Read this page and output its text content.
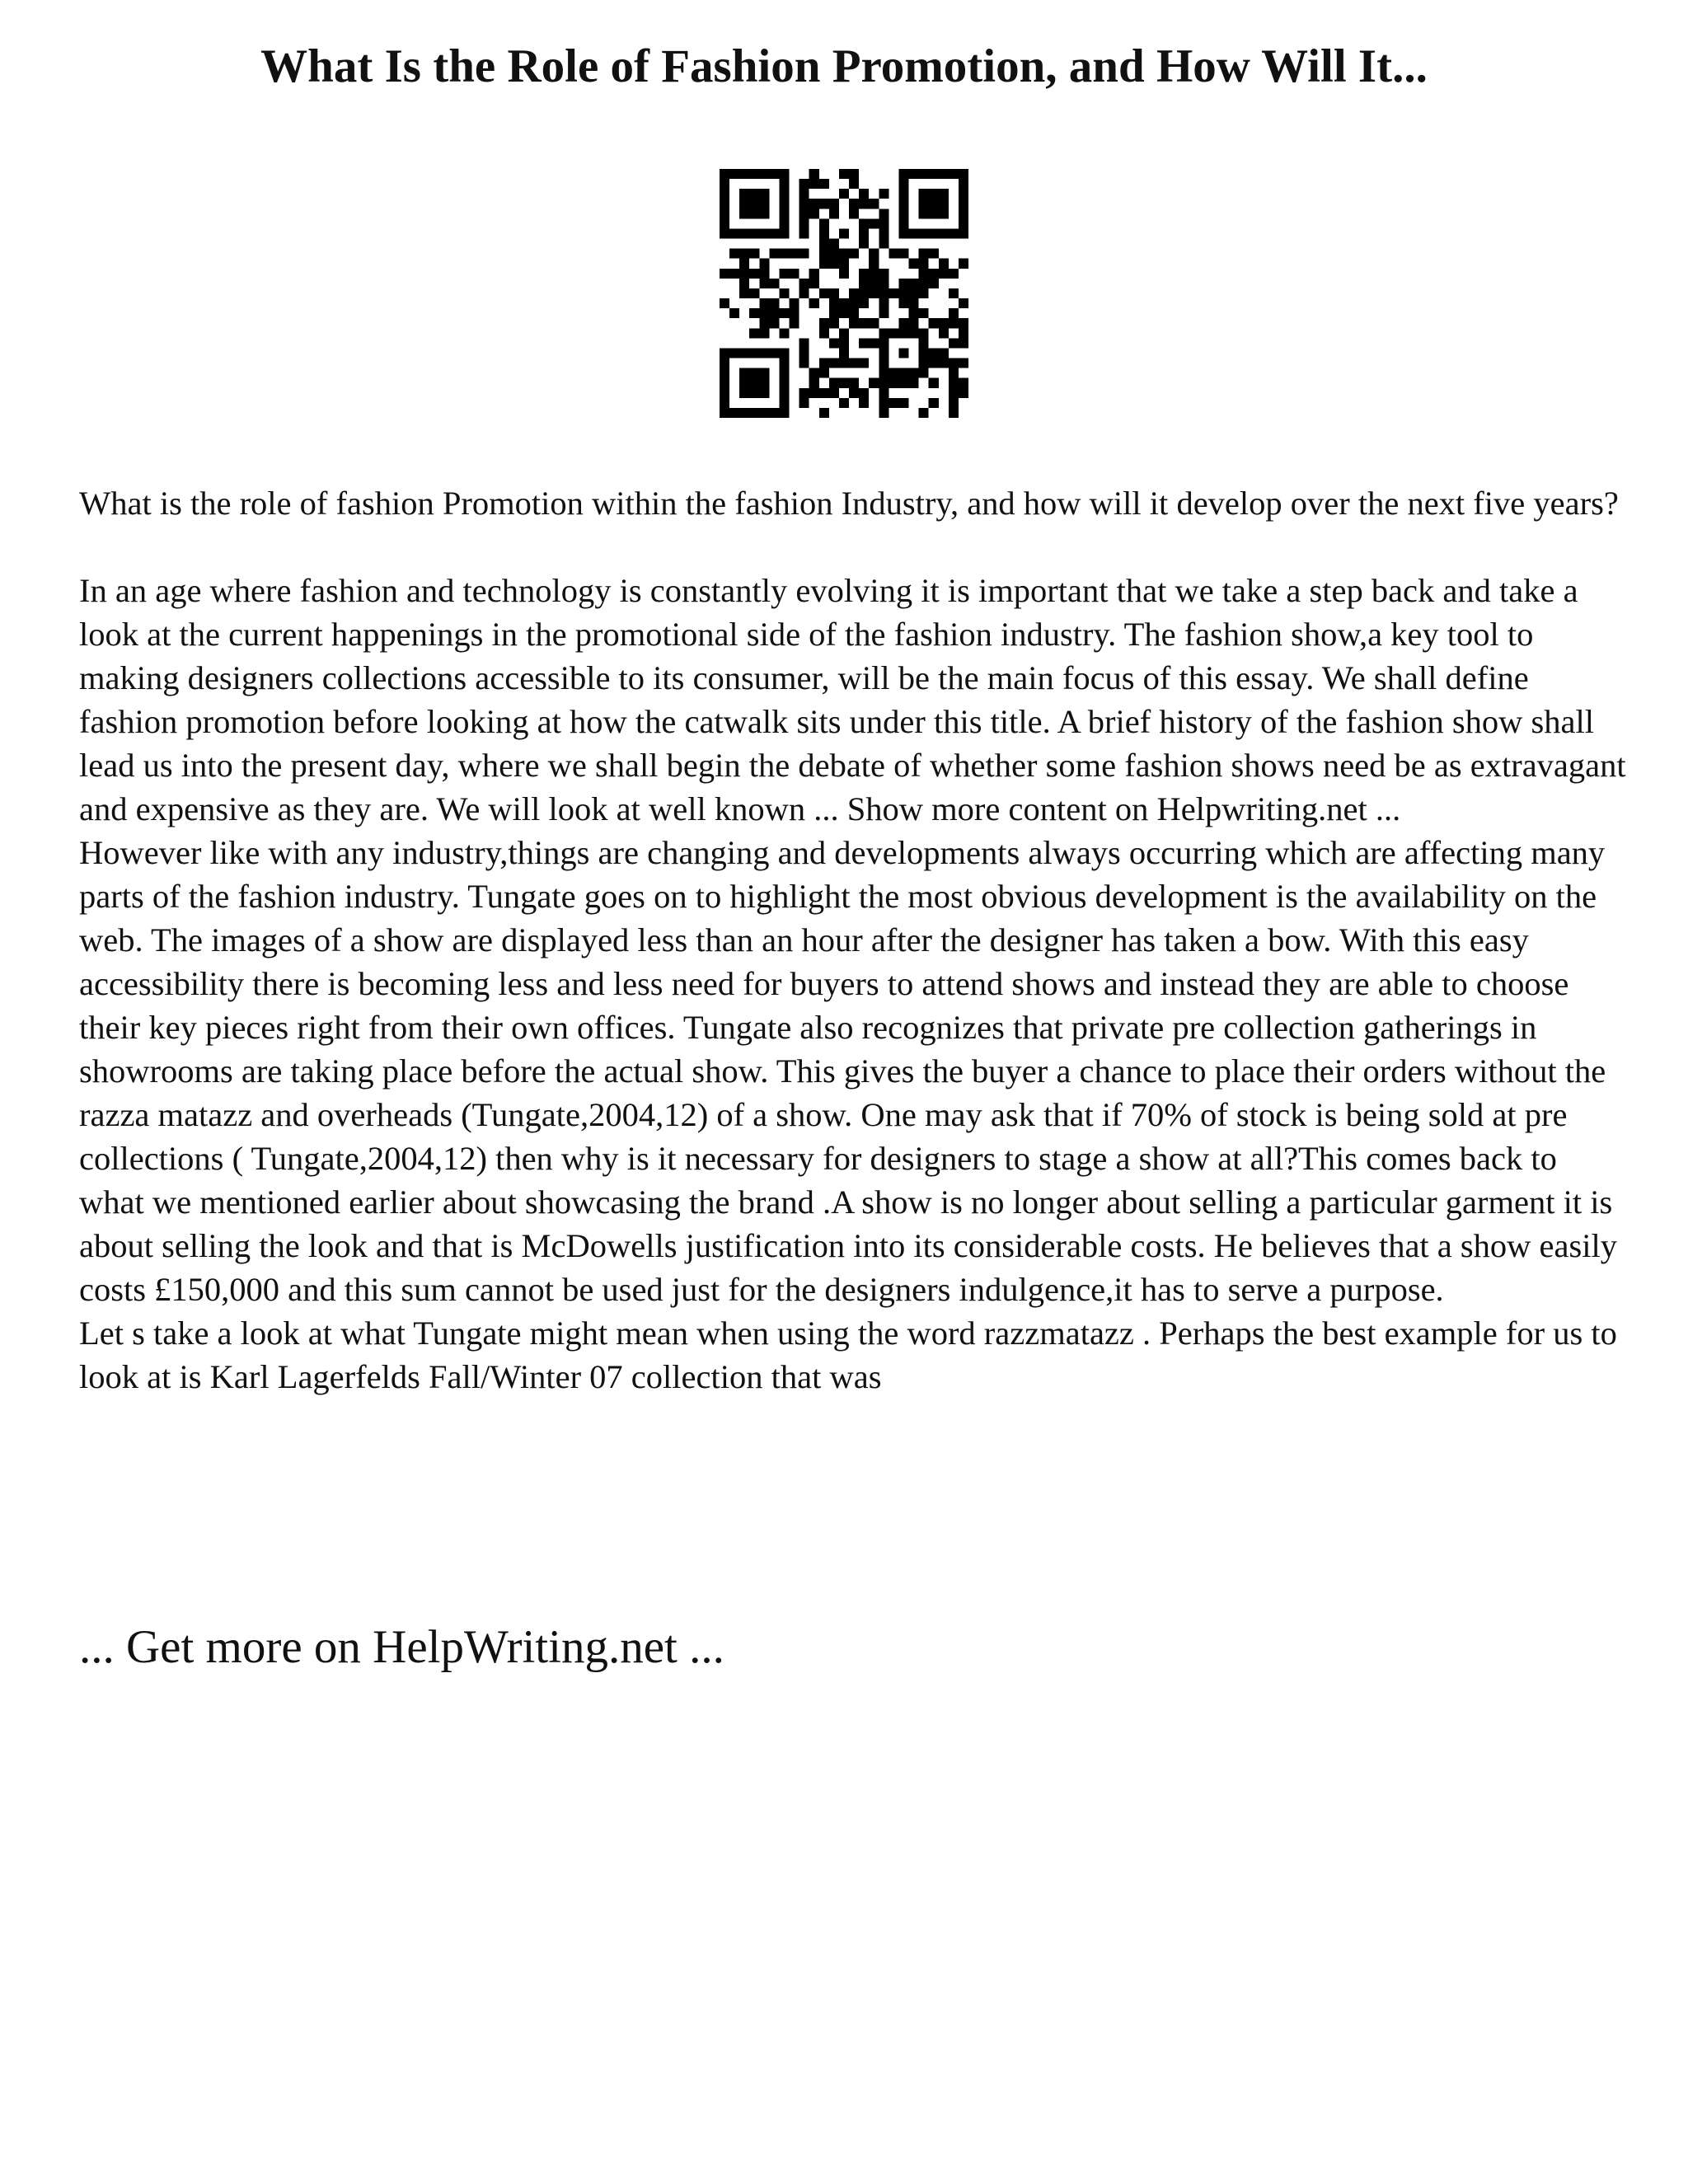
What Is the Role of Fashion Promotion, and How Will It...

What is the role of fashion Promotion within the fashion Industry, and how will it develop over the next five years?

In an age where fashion and technology is constantly evolving it is important that we take a step back and take a look at the current happenings in the promotional side of the fashion industry. The fashion show,a key tool to making designers collections accessible to its consumer, will be the main focus of this essay. We shall define fashion promotion before looking at how the catwalk sits under this title. A brief history of the fashion show shall lead us into the present day, where we shall begin the debate of whether some fashion shows need be as extravagant and expensive as they are. We will look at well known ... Show more content on Helpwriting.net ...

However like with any industry,things are changing and developments always occurring which are affecting many parts of the fashion industry. Tungate goes on to highlight the most obvious development is the availability on the web. The images of a show are displayed less than an hour after the designer has taken a bow. With this easy accessibility there is becoming less and less need for buyers to attend shows and instead they are able to choose their key pieces right from their own offices. Tungate also recognizes that private pre collection gatherings in showrooms are taking place before the actual show. This gives the buyer a chance to place their orders without the razza matazz and overheads (Tungate,2004,12) of a show. One may ask that if 70% of stock is being sold at pre collections ( Tungate,2004,12) then why is it necessary for designers to stage a show at all?This comes back to what we mentioned earlier about showcasing the brand .A show is no longer about selling a particular garment it is about selling the look and that is McDowells justification into its considerable costs. He believes that a show easily costs £150,000 and this sum cannot be used just for the designers indulgence,it has to serve a purpose.

Let s take a look at what Tungate might mean when using the word razzmatazz . Perhaps the best example for us to look at is Karl Lagerfelds Fall/Winter 07 collection that was

... Get more on HelpWriting.net ...
